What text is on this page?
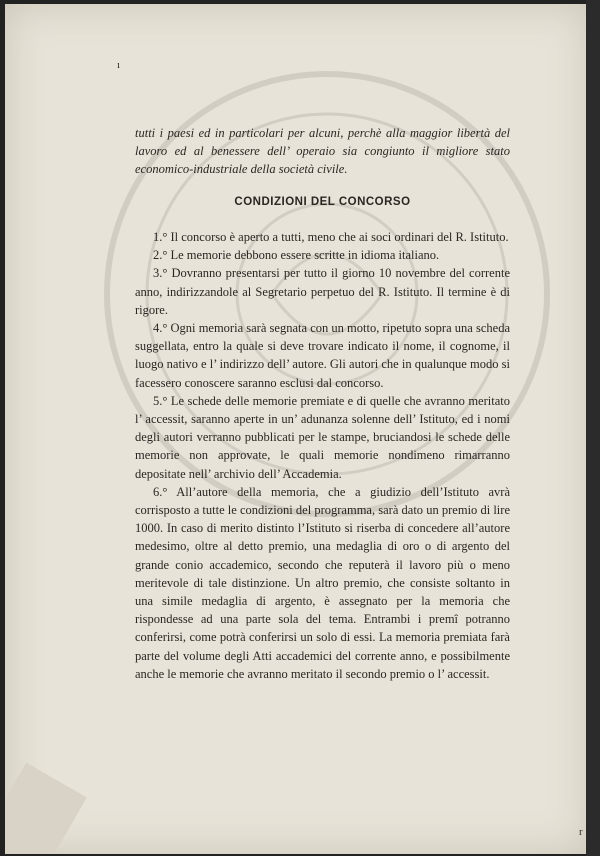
ı
r
tutti i paesi ed in particolari per alcuni, perchè alla maggior libertà del lavoro ed al benessere dell’ operaio sia congiunto il migliore stato economico-industriale della società civile.
CONDIZIONI DEL CONCORSO

1.° Il concorso è aperto a tutti, meno che ai soci ordinari del R. Istituto.

2.° Le memorie debbono essere scritte in idioma italiano.

3.° Dovranno presentarsi per tutto il giorno 10 novembre del corrente anno, indirizzandole al Segretario perpetuo del R. Istituto. Il termine è di rigore.

4.° Ogni memoria sarà segnata con un motto, ripetuto sopra una scheda suggellata, entro la quale si deve trovare indicato il nome, il cognome, il luogo nativo e l’ indirizzo dell’ autore. Gli autori che in qualunque modo si facessero conoscere saranno esclusi dal concorso.

5.° Le schede delle memorie premiate e di quelle che avranno meritato l’ accessit, saranno aperte in un’ adunanza solenne dell’ Istituto, ed i nomi degli autori verranno pubblicati per le stampe, bruciandosi le schede delle memorie non approvate, le quali memorie nondimeno rimarranno depositate nell’ archivio dell’ Accademia.

6.° All’autore della memoria, che a giudizio dell’Istituto avrà corrisposto a tutte le condizioni del programma, sarà dato un premio di lire 1000. In caso di merito distinto l’Istituto si riserba di concedere all’autore medesimo, oltre al detto premio, una medaglia di oro o di argento del grande conio accademico, secondo che reputerà il lavoro più o meno meritevole di tale distinzione. Un altro premio, che consiste soltanto in una simile medaglia di argento, è assegnato per la memoria che rispondesse ad una parte sola del tema. Entrambi i premî potranno conferirsi, come potrà conferirsi un solo di essi. La memoria premiata farà parte del volume degli Atti accademici del corrente anno, e possibilmente anche le memorie che avranno meritato il secondo premio o l’ accessit.
